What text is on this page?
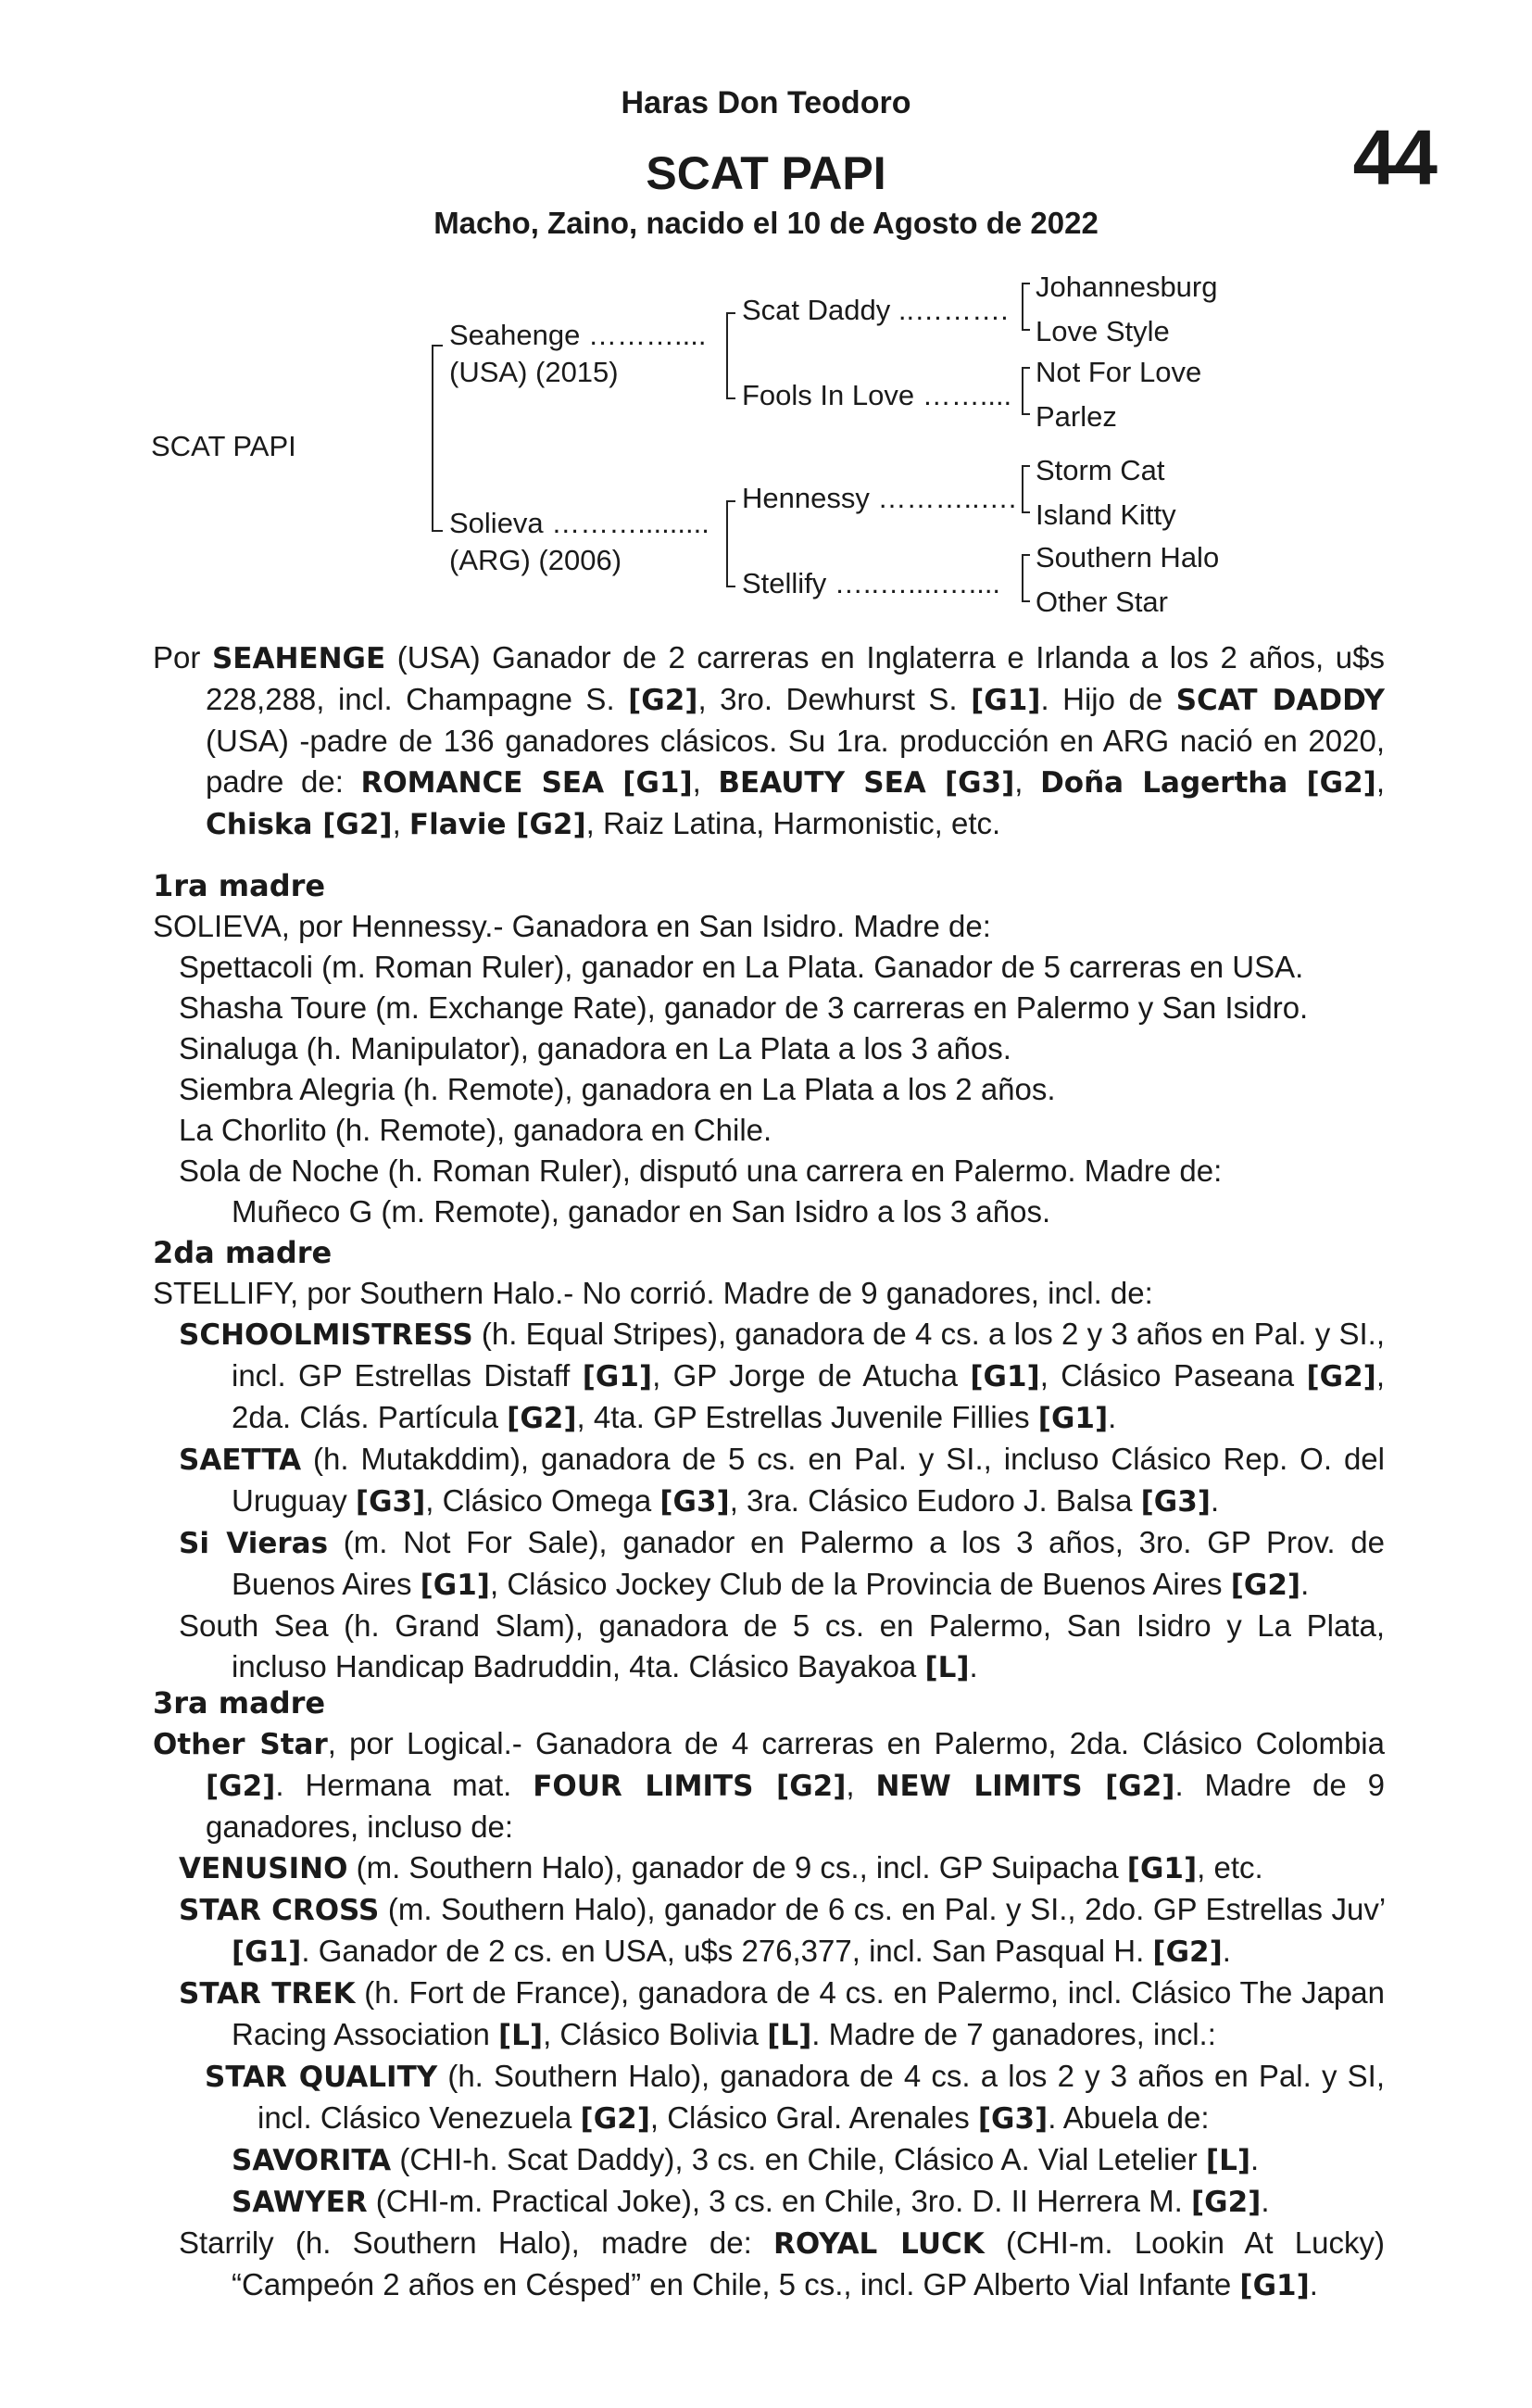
Haras Don Teodoro
SCAT PAPI
Macho, Zaino, nacido el 10 de Agosto de 2022
44
SCAT PAPI
Seahenge ………....
(USA) (2015)
Solieva ……….........
(ARG) (2006)
Scat Daddy ..……….
Fools In Love ……....
Hennessy ………..….
Stellify …..…....…....
Johannesburg
Love Style
Not For Love
Parlez
Storm Cat
Island Kitty
Southern Halo
Other Star
Por SEAHENGE (USA) Ganador de 2 carreras en Inglaterra e Irlanda a los 2 años, u$s 228,288, incl. Champagne S. [G2], 3ro. Dewhurst S. [G1]. Hijo de SCAT DADDY (USA) -padre de 136 ganadores clásicos. Su 1ra. producción en ARG nació en 2020, padre de: ROMANCE SEA [G1], BEAUTY SEA [G3], Doña Lagertha [G2], Chiska [G2], Flavie [G2], Raiz Latina, Harmonistic, etc.
1ra madre
SOLIEVA, por Hennessy.- Ganadora en San Isidro. Madre de:
Spettacoli (m. Roman Ruler), ganador en La Plata. Ganador de 5 carreras en USA.
Shasha Toure (m. Exchange Rate), ganador de 3 carreras en Palermo y San Isidro.
Sinaluga (h. Manipulator), ganadora en La Plata a los 3 años.
Siembra Alegria (h. Remote), ganadora en La Plata a los 2 años.
La Chorlito (h. Remote), ganadora en Chile.
Sola de Noche (h. Roman Ruler), disputó una carrera en Palermo. Madre de:
Muñeco G (m. Remote), ganador en San Isidro a los 3 años.
2da madre
STELLIFY, por Southern Halo.- No corrió. Madre de 9 ganadores, incl. de:
SCHOOLMISTRESS (h. Equal Stripes), ganadora de 4 cs. a los 2 y 3 años en Pal. y SI., incl. GP Estrellas Distaff [G1], GP Jorge de Atucha [G1], Clásico Paseana [G2], 2da. Clás. Partícula [G2], 4ta. GP Estrellas Juvenile Fillies [G1].
SAETTA (h. Mutakddim), ganadora de 5 cs. en Pal. y SI., incluso Clásico Rep. O. del Uruguay [G3], Clásico Omega [G3], 3ra. Clásico Eudoro J. Balsa [G3].
Si Vieras (m. Not For Sale), ganador en Palermo a los 3 años, 3ro. GP Prov. de Buenos Aires [G1], Clásico Jockey Club de la Provincia de Buenos Aires [G2].
South Sea (h. Grand Slam), ganadora de 5 cs. en Palermo, San Isidro y La Plata, incluso Handicap Badruddin, 4ta. Clásico Bayakoa [L].
3ra madre
Other Star, por Logical.- Ganadora de 4 carreras en Palermo, 2da. Clásico Colombia [G2]. Hermana mat. FOUR LIMITS [G2], NEW LIMITS [G2]. Madre de 9 ganadores, incluso de:
VENUSINO (m. Southern Halo), ganador de 9 cs., incl. GP Suipacha [G1], etc.
STAR CROSS (m. Southern Halo), ganador de 6 cs. en Pal. y SI., 2do. GP Estrellas Juv’ [G1]. Ganador de 2 cs. en USA, u$s 276,377, incl. San Pasqual H. [G2].
STAR TREK (h. Fort de France), ganadora de 4 cs. en Palermo, incl. Clásico The Japan Racing Association [L], Clásico Bolivia [L]. Madre de 7 ganadores, incl.:
STAR QUALITY (h. Southern Halo), ganadora de 4 cs. a los 2 y 3 años en Pal. y SI, incl. Clásico Venezuela [G2], Clásico Gral. Arenales [G3]. Abuela de:
SAVORITA (CHI-h. Scat Daddy), 3 cs. en Chile, Clásico A. Vial Letelier [L].
SAWYER (CHI-m. Practical Joke), 3 cs. en Chile, 3ro. D. II Herrera M. [G2].
Starrily (h. Southern Halo), madre de: ROYAL LUCK (CHI-m. Lookin At Lucky) “Campeón 2 años en Césped” en Chile, 5 cs., incl. GP Alberto Vial Infante [G1].
